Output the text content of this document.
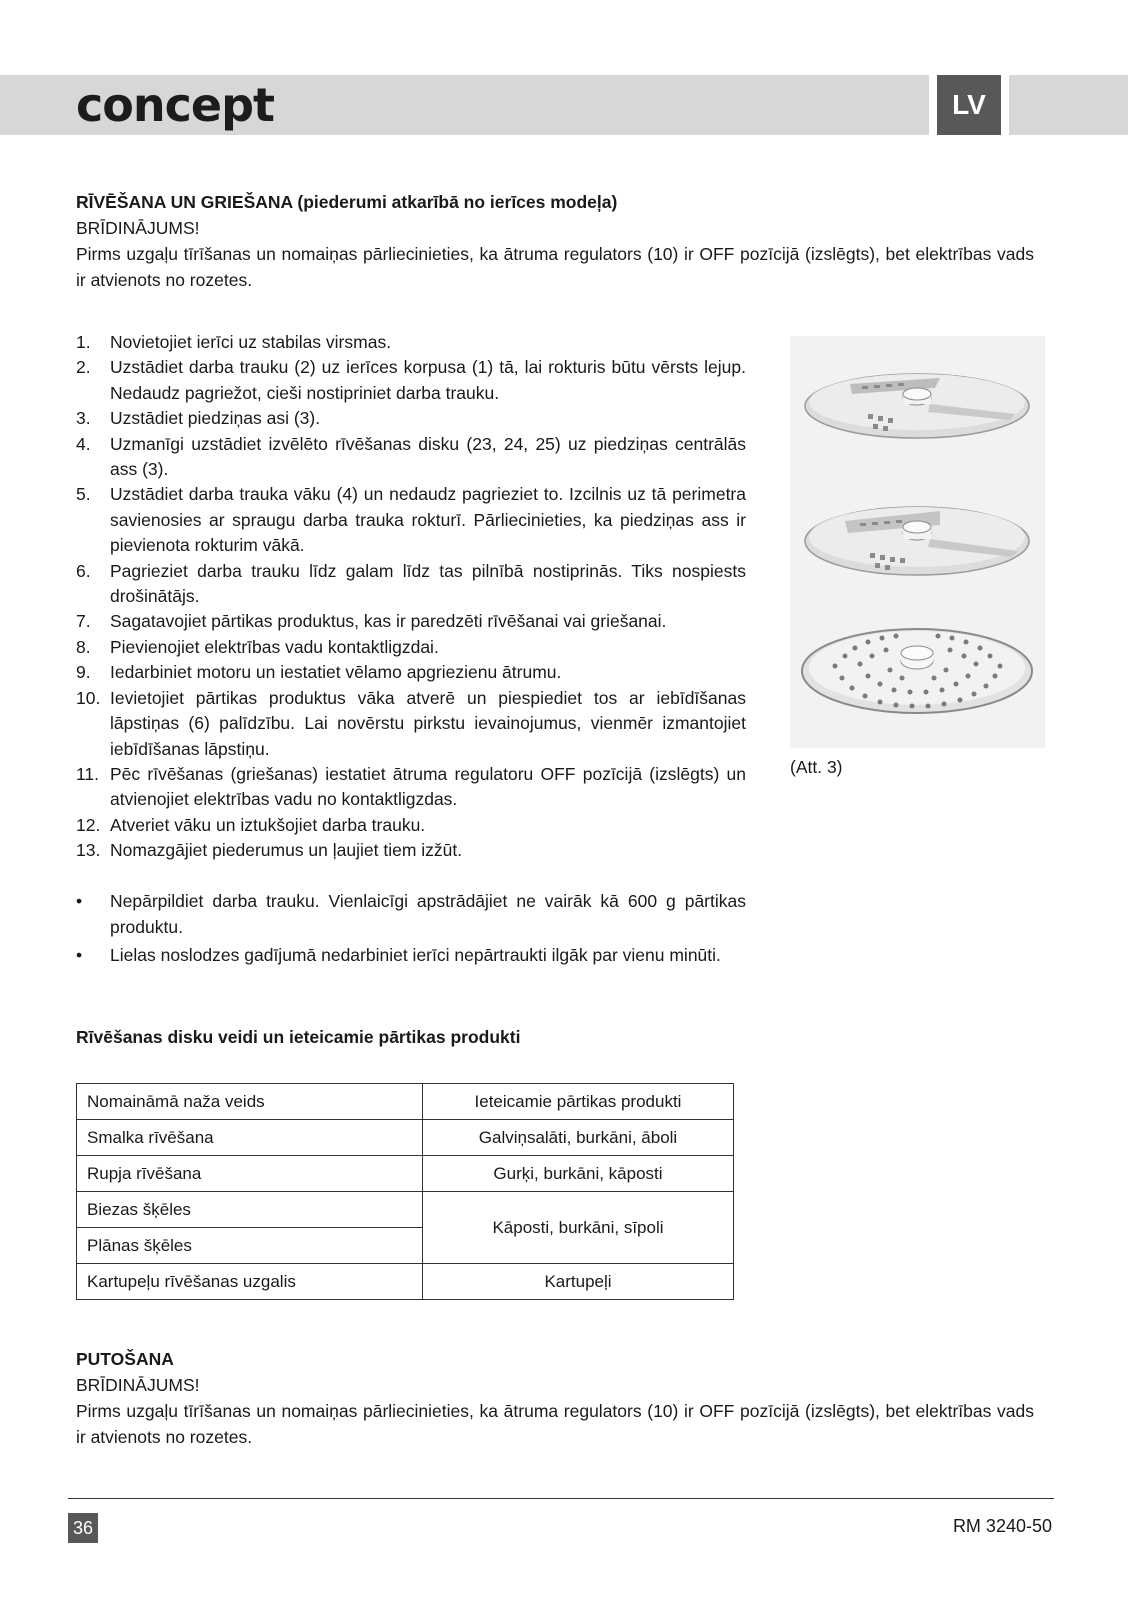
concept	LV
RĪVĒŠANA UN GRIEŠANA (piederumi atkarībā no ierīces modeļa)
BRĪDINĀJUMS!
Pirms uzgaļu tīrīšanas un nomaiņas pārliecinieties, ka ātruma regulators (10) ir OFF pozīcijā (izslēgts), bet elektrības vads ir atvienots no rozetes.
1. Novietojiet ierīci uz stabilas virsmas.
2. Uzstādiet darba trauku (2) uz ierīces korpusa (1) tā, lai rokturis būtu vērsts lejup. Nedaudz pagriežot, cieši nostipriniet darba trauku.
3. Uzstādiet piedziņas asi (3).
4. Uzmanīgi uzstādiet izvēlēto rīvēšanas disku (23, 24, 25) uz piedziņas centrālās ass (3).
5. Uzstādiet darba trauka vāku (4) un nedaudz pagrieziet to. Izcilnis uz tā perimetra savienosies ar spraugu darba trauka rokturī. Pārliecinieties, ka piedziņas ass ir pievienota rokturim vākā.
6. Pagrieziet darba trauku līdz galam līdz tas pilnībā nostiprinās. Tiks nospiests drošinātājs.
7. Sagatavojiet pārtikas produktus, kas ir paredzēti rīvēšanai vai griešanai.
8. Pievienojiet elektrības vadu kontaktligzdai.
9. Iedarbiniet motoru un iestatiet vēlamo apgriezienu ātrumu.
10. Ievietojiet pārtikas produktus vāka atverē un piespiediet tos ar iebīdīšanas lāpstiņas (6) palīdzību. Lai novērstu pirkstu ievainojumus, vienmēr izmantojiet iebīdīšanas lāpstiņu.
11. Pēc rīvēšanas (griešanas) iestatiet ātruma regulatoru OFF pozīcijā (izslēgts) un atvienojiet elektrības vadu no kontaktligzdas.
12. Atveriet vāku un iztukšojiet darba trauku.
13. Nomazgājiet piederumus un ļaujiet tiem izžūt.
(Att. 3)
• Nepārpildiet darba trauku. Vienlaicīgi apstrādājiet ne vairāk kā 600 g pārtikas produktu.
• Lielas noslodzes gadījumā nedarbiniet ierīci nepārtraukti ilgāk par vienu minūti.
Rīvēšanas disku veidi un ieteicamie pārtikas produkti
Nomaināmā naža veids	Ieteicamie pārtikas produkti
Smalka rīvēšana	Galviņsalāti, burkāni, āboli
Rupja rīvēšana	Gurķi, burkāni, kāposti
Biezas šķēles	Kāposti, burkāni, sīpoli
Plānas šķēles	
Kartupeļu rīvēšanas uzgalis	Kartupeļi
PUTOŠANA
BRĪDINĀJUMS!
Pirms uzgaļu tīrīšanas un nomaiņas pārliecinieties, ka ātruma regulators (10) ir OFF pozīcijā (izslēgts), bet elektrības vads ir atvienots no rozetes.
36	RM 3240-50
